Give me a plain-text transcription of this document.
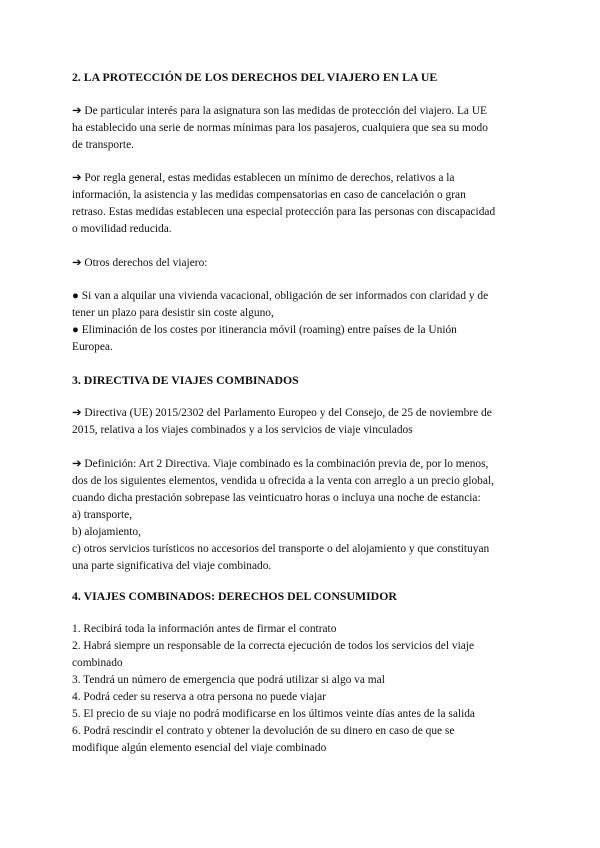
2. LA PROTECCIÓN DE LOS DERECHOS DEL VIAJERO EN LA UE
➔ De particular interés para la asignatura son las medidas de protección del viajero. La UE
ha establecido una serie de normas mínimas para los pasajeros, cualquiera que sea su modo
de transporte.
➔ Por regla general, estas medidas establecen un mínimo de derechos, relativos a la
información, la asistencia y las medidas compensatorias en caso de cancelación o gran
retraso. Estas medidas establecen una especial protección para las personas con discapacidad
o movilidad reducida.
➔ Otros derechos del viajero:
● Si van a alquilar una vivienda vacacional, obligación de ser informados con claridad y de
tener un plazo para desistir sin coste alguno,
● Eliminación de los costes por itinerancia móvil (roaming) entre países de la Unión
Europea.
3. DIRECTIVA DE VIAJES COMBINADOS
➔ Directiva (UE) 2015/2302 del Parlamento Europeo y del Consejo, de 25 de noviembre de
2015, relativa a los viajes combinados y a los servicios de viaje vinculados
➔ Definición: Art 2 Directiva. Viaje combinado es la combinación previa de, por lo menos,
dos de los siguientes elementos, vendida u ofrecida a la venta con arreglo a un precio global,
cuando dicha prestación sobrepase las veinticuatro horas o incluya una noche de estancia:
a) transporte,
b) alojamiento,
c) otros servicios turísticos no accesorios del transporte o del alojamiento y que constituyan
una parte significativa del viaje combinado.
4. VIAJES COMBINADOS: DERECHOS DEL CONSUMIDOR
1. Recibirá toda la información antes de firmar el contrato
2. Habrá siempre un responsable de la correcta ejecución de todos los servicios del viaje
combinado
3. Tendrá un número de emergencia que podrá utilizar si algo va mal
4. Podrá ceder su reserva a otra persona no puede viajar
5. El precio de su viaje no podrá modificarse en los últimos veinte días antes de la salida
6. Podrá rescindir el contrato y obtener la devolución de su dinero en caso de que se
modifique algún elemento esencial del viaje combinado
